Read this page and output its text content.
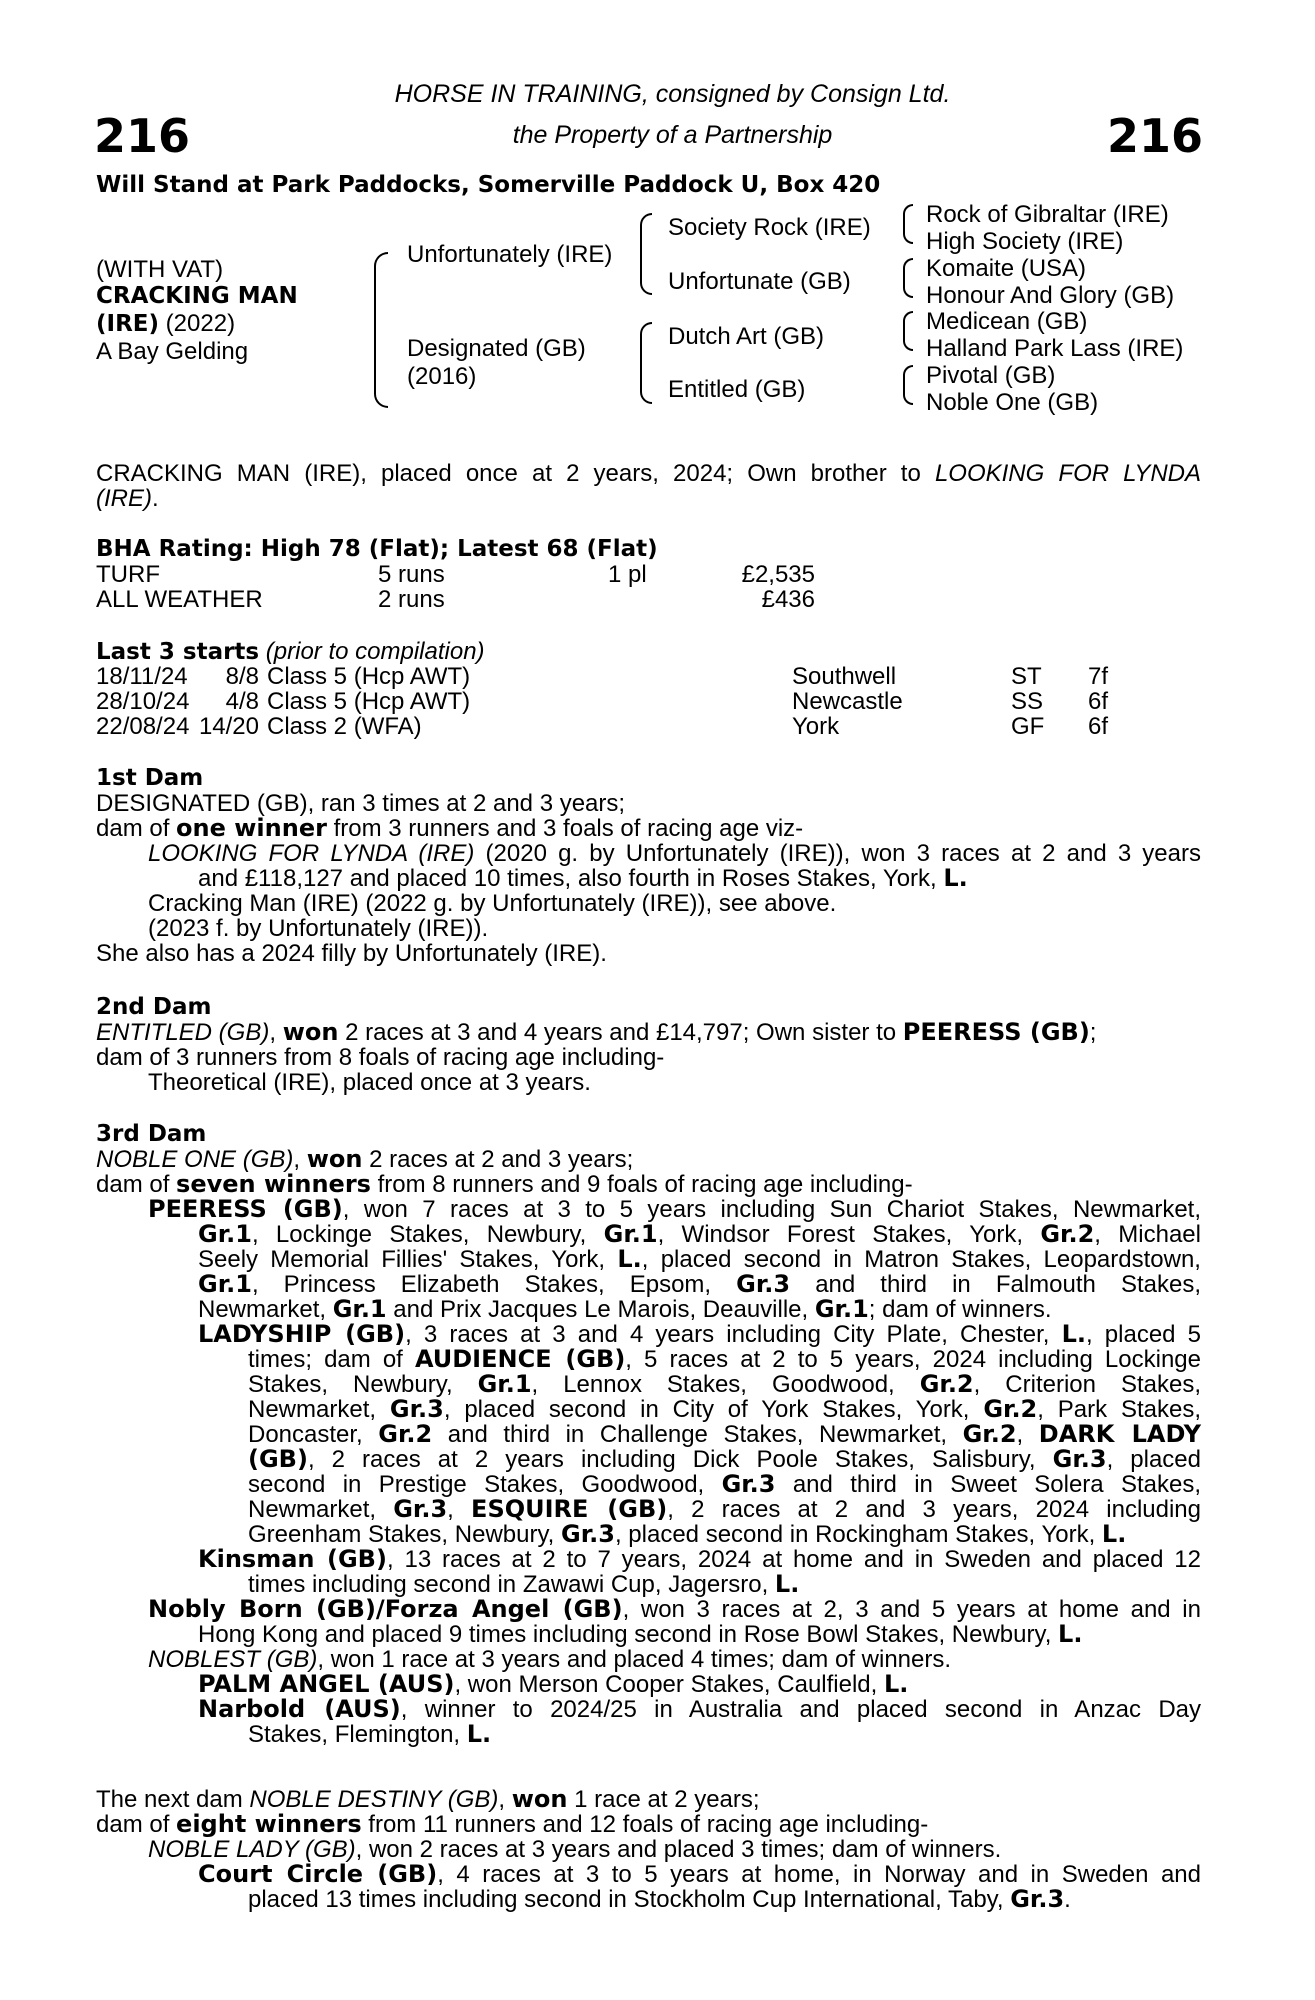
216	216
HORSE IN TRAINING, consigned by Consign Ltd.
the Property of a Partnership
Will Stand at Park Paddocks, Somerville Paddock U, Box 420
(WITH VAT)
CRACKING MAN
(IRE) (2022)
A Bay Gelding
Unfortunately (IRE)
Designated (GB)
(2016)
Society Rock (IRE)
Unfortunate (GB)
Dutch Art (GB)
Entitled (GB)
Rock of Gibraltar (IRE)
High Society (IRE)
Komaite (USA)
Honour And Glory (GB)
Medicean (GB)
Halland Park Lass (IRE)
Pivotal (GB)
Noble One (GB)
CRACKING MAN (IRE), placed once at 2 years, 2024; Own brother to LOOKING FOR LYNDA
(IRE).
BHA Rating: High 78 (Flat); Latest 68 (Flat)
TURF	5 runs	1 pl	£2,535
ALL WEATHER	2 runs		£436
Last 3 starts (prior to compilation)
18/11/24	8/8	Class 5 (Hcp AWT)	Southwell	ST	7f
28/10/24	4/8	Class 5 (Hcp AWT)	Newcastle	SS	6f
22/08/24	14/20	Class 2 (WFA)	York	GF	6f
1st Dam
DESIGNATED (GB), ran 3 times at 2 and 3 years;
dam of one winner from 3 runners and 3 foals of racing age viz-
LOOKING FOR LYNDA (IRE) (2020 g. by Unfortunately (IRE)), won 3 races at 2 and 3 years
and £118,127 and placed 10 times, also fourth in Roses Stakes, York, L.
Cracking Man (IRE) (2022 g. by Unfortunately (IRE)), see above.
(2023 f. by Unfortunately (IRE)).
She also has a 2024 filly by Unfortunately (IRE).
2nd Dam
ENTITLED (GB), won 2 races at 3 and 4 years and £14,797; Own sister to PEERESS (GB);
dam of 3 runners from 8 foals of racing age including-
Theoretical (IRE), placed once at 3 years.
3rd Dam
NOBLE ONE (GB), won 2 races at 2 and 3 years;
dam of seven winners from 8 runners and 9 foals of racing age including-
PEERESS (GB), won 7 races at 3 to 5 years including Sun Chariot Stakes, Newmarket,
Gr.1, Lockinge Stakes, Newbury, Gr.1, Windsor Forest Stakes, York, Gr.2, Michael
Seely Memorial Fillies' Stakes, York, L., placed second in Matron Stakes, Leopardstown,
Gr.1, Princess Elizabeth Stakes, Epsom, Gr.3 and third in Falmouth Stakes,
Newmarket, Gr.1 and Prix Jacques Le Marois, Deauville, Gr.1; dam of winners.
LADYSHIP (GB), 3 races at 3 and 4 years including City Plate, Chester, L., placed 5
times; dam of AUDIENCE (GB), 5 races at 2 to 5 years, 2024 including Lockinge
Stakes, Newbury, Gr.1, Lennox Stakes, Goodwood, Gr.2, Criterion Stakes,
Newmarket, Gr.3, placed second in City of York Stakes, York, Gr.2, Park Stakes,
Doncaster, Gr.2 and third in Challenge Stakes, Newmarket, Gr.2, DARK LADY
(GB), 2 races at 2 years including Dick Poole Stakes, Salisbury, Gr.3, placed
second in Prestige Stakes, Goodwood, Gr.3 and third in Sweet Solera Stakes,
Newmarket, Gr.3, ESQUIRE (GB), 2 races at 2 and 3 years, 2024 including
Greenham Stakes, Newbury, Gr.3, placed second in Rockingham Stakes, York, L.
Kinsman (GB), 13 races at 2 to 7 years, 2024 at home and in Sweden and placed 12
times including second in Zawawi Cup, Jagersro, L.
Nobly Born (GB)/Forza Angel (GB), won 3 races at 2, 3 and 5 years at home and in
Hong Kong and placed 9 times including second in Rose Bowl Stakes, Newbury, L.
NOBLEST (GB), won 1 race at 3 years and placed 4 times; dam of winners.
PALM ANGEL (AUS), won Merson Cooper Stakes, Caulfield, L.
Narbold (AUS), winner to 2024/25 in Australia and placed second in Anzac Day
Stakes, Flemington, L.
The next dam NOBLE DESTINY (GB), won 1 race at 2 years;
dam of eight winners from 11 runners and 12 foals of racing age including-
NOBLE LADY (GB), won 2 races at 3 years and placed 3 times; dam of winners.
Court Circle (GB), 4 races at 3 to 5 years at home, in Norway and in Sweden and
placed 13 times including second in Stockholm Cup International, Taby, Gr.3.
